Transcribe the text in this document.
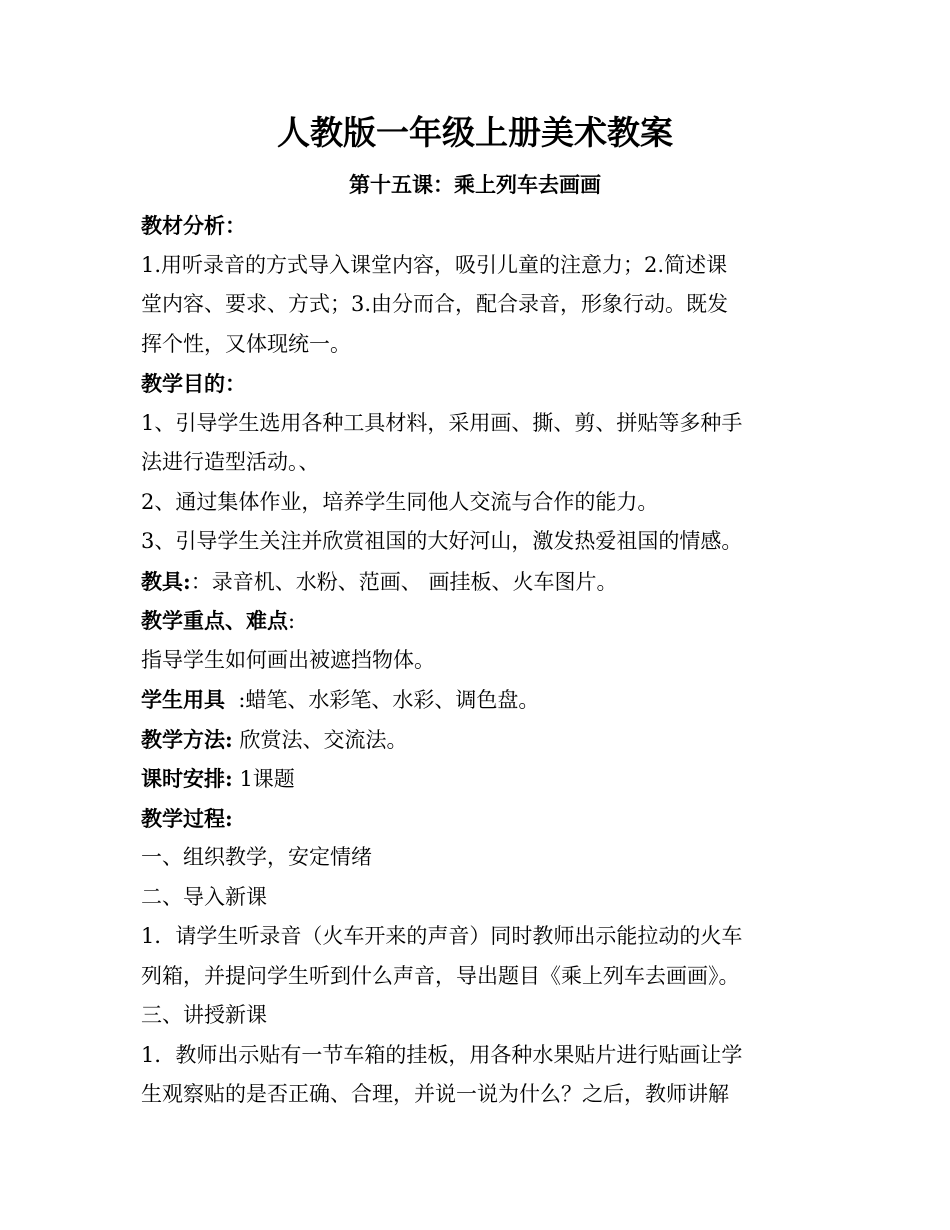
人教版一年级上册美术教案
第十五课：乘上列车去画画
教材分析：
1.用听录音的方式导入课堂内容，吸引儿童的注意力；2.简述课
堂内容、要求、方式；3.由分而合，配合录音，形象行动。既发
挥个性，又体现统一。
教学目的：
1、引导学生选用各种工具材料，采用画、撕、剪、拼贴等多种手
法进行造型活动。、
2、通过集体作业，培养学生同他人交流与合作的能力。
3、引导学生关注并欣赏祖国的大好河山，激发热爱祖国的情感。
教具:：录音机、水粉、范画、 画挂板、火车图片。
教学重点、难点:
指导学生如何画出被遮挡物体。
学生用具  :蜡笔、水彩笔、水彩、调色盘。
教学方法: 欣赏法、交流法。
课时安排: 1课题
教学过程:
一、组织教学，安定情绪
二、导入新课
1．请学生听录音（火车开来的声音）同时教师出示能拉动的火车
列箱，并提问学生听到什么声音，导出题目《乘上列车去画画》。
三、讲授新课
1．教师出示贴有一节车箱的挂板，用各种水果贴片进行贴画让学
生观察贴的是否正确、合理，并说一说为什么？之后，教师讲解
